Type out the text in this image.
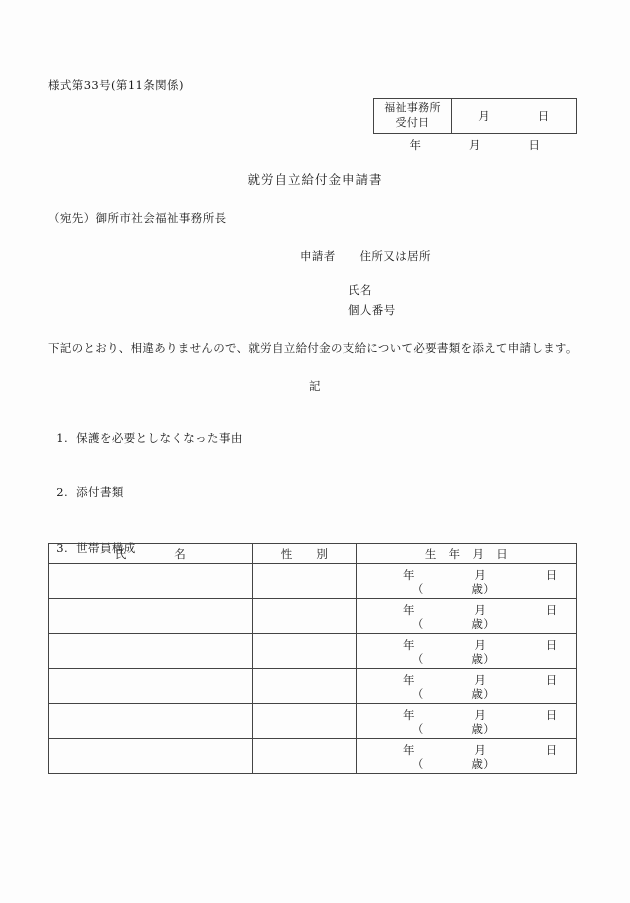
様式第33号(第11条関係)
福祉事務所
受付日	月　　　　日
年　　　　月　　　　日
就労自立給付金申請書
（宛先）御所市社会福祉事務所長
申請者　　住所又は居所
氏名
個人番号
下記のとおり、相違ありませんので、就労自立給付金の支給について必要書類を添えて申請します。
記

1. 保護を必要としなくなった事由

2. 添付書類

3. 世帯員構成

氏　　　　名	性　　別	生　年　月　日

		年　　　　　月　　　　　日
（　　　　歳）

		年　　　　　月　　　　　日
（　　　　歳）

		年　　　　　月　　　　　日
（　　　　歳）

		年　　　　　月　　　　　日
（　　　　歳）

		年　　　　　月　　　　　日
（　　　　歳）

		年　　　　　月　　　　　日
（　　　　歳）
